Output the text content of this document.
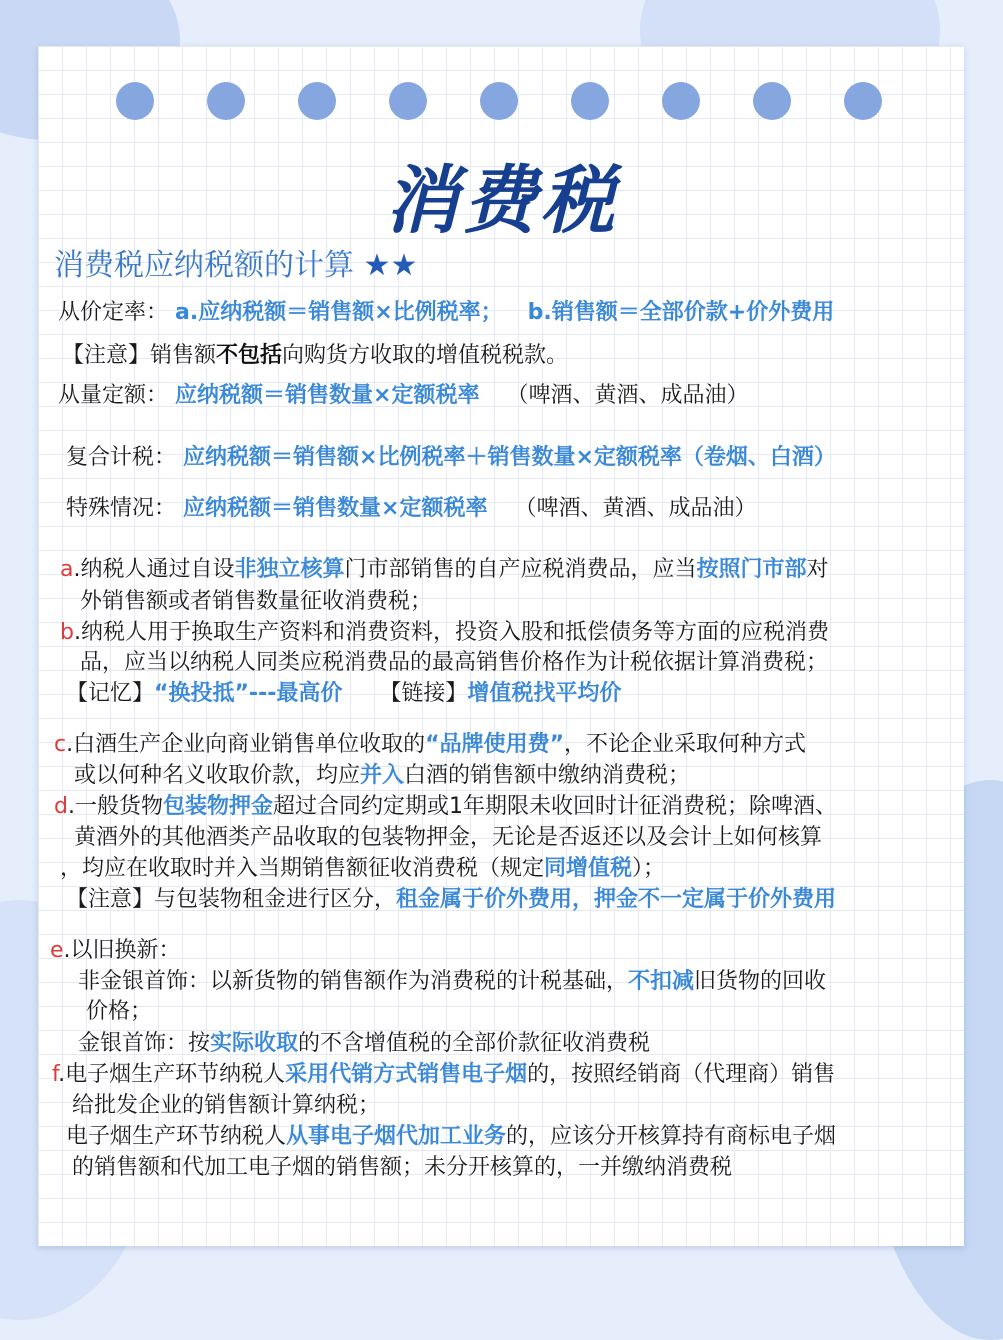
消费税
消费税应纳税额的计算 ★★
从价定率： a.应纳税额＝销售额×比例税率； b.销售额＝全部价款+价外费用
【注意】销售额不包括向购货方收取的增值税税款。
从量定额： 应纳税额＝销售数量×定额税率 （啤酒、黄酒、成品油）
复合计税： 应纳税额＝销售额×比例税率＋销售数量×定额税率（卷烟、白酒）
特殊情况： 应纳税额＝销售数量×定额税率 （啤酒、黄酒、成品油）
a.纳税人通过自设非独立核算门市部销售的自产应税消费品，应当按照门市部对
外销售额或者销售数量征收消费税；
b.纳税人用于换取生产资料和消费资料，投资入股和抵偿债务等方面的应税消费
品，应当以纳税人同类应税消费品的最高销售价格作为计税依据计算消费税；
【记忆】“换投抵”---最高价 【链接】增值税找平均价
c.白酒生产企业向商业销售单位收取的“品牌使用费”，不论企业采取何种方式
或以何种名义收取价款，均应并入白酒的销售额中缴纳消费税；
d.一般货物包装物押金超过合同约定期或1年期限未收回时计征消费税；除啤酒、
黄酒外的其他酒类产品收取的包装物押金，无论是否返还以及会计上如何核算
，均应在收取时并入当期销售额征收消费税（规定同增值税）；
【注意】与包装物租金进行区分，租金属于价外费用，押金不一定属于价外费用
e.以旧换新：
非金银首饰：以新货物的销售额作为消费税的计税基础，不扣减旧货物的回收
价格；
金银首饰：按实际收取的不含增值税的全部价款征收消费税
f.电子烟生产环节纳税人采用代销方式销售电子烟的，按照经销商（代理商）销售
给批发企业的销售额计算纳税；
电子烟生产环节纳税人从事电子烟代加工业务的，应该分开核算持有商标电子烟
的销售额和代加工电子烟的销售额；未分开核算的，一并缴纳消费税
